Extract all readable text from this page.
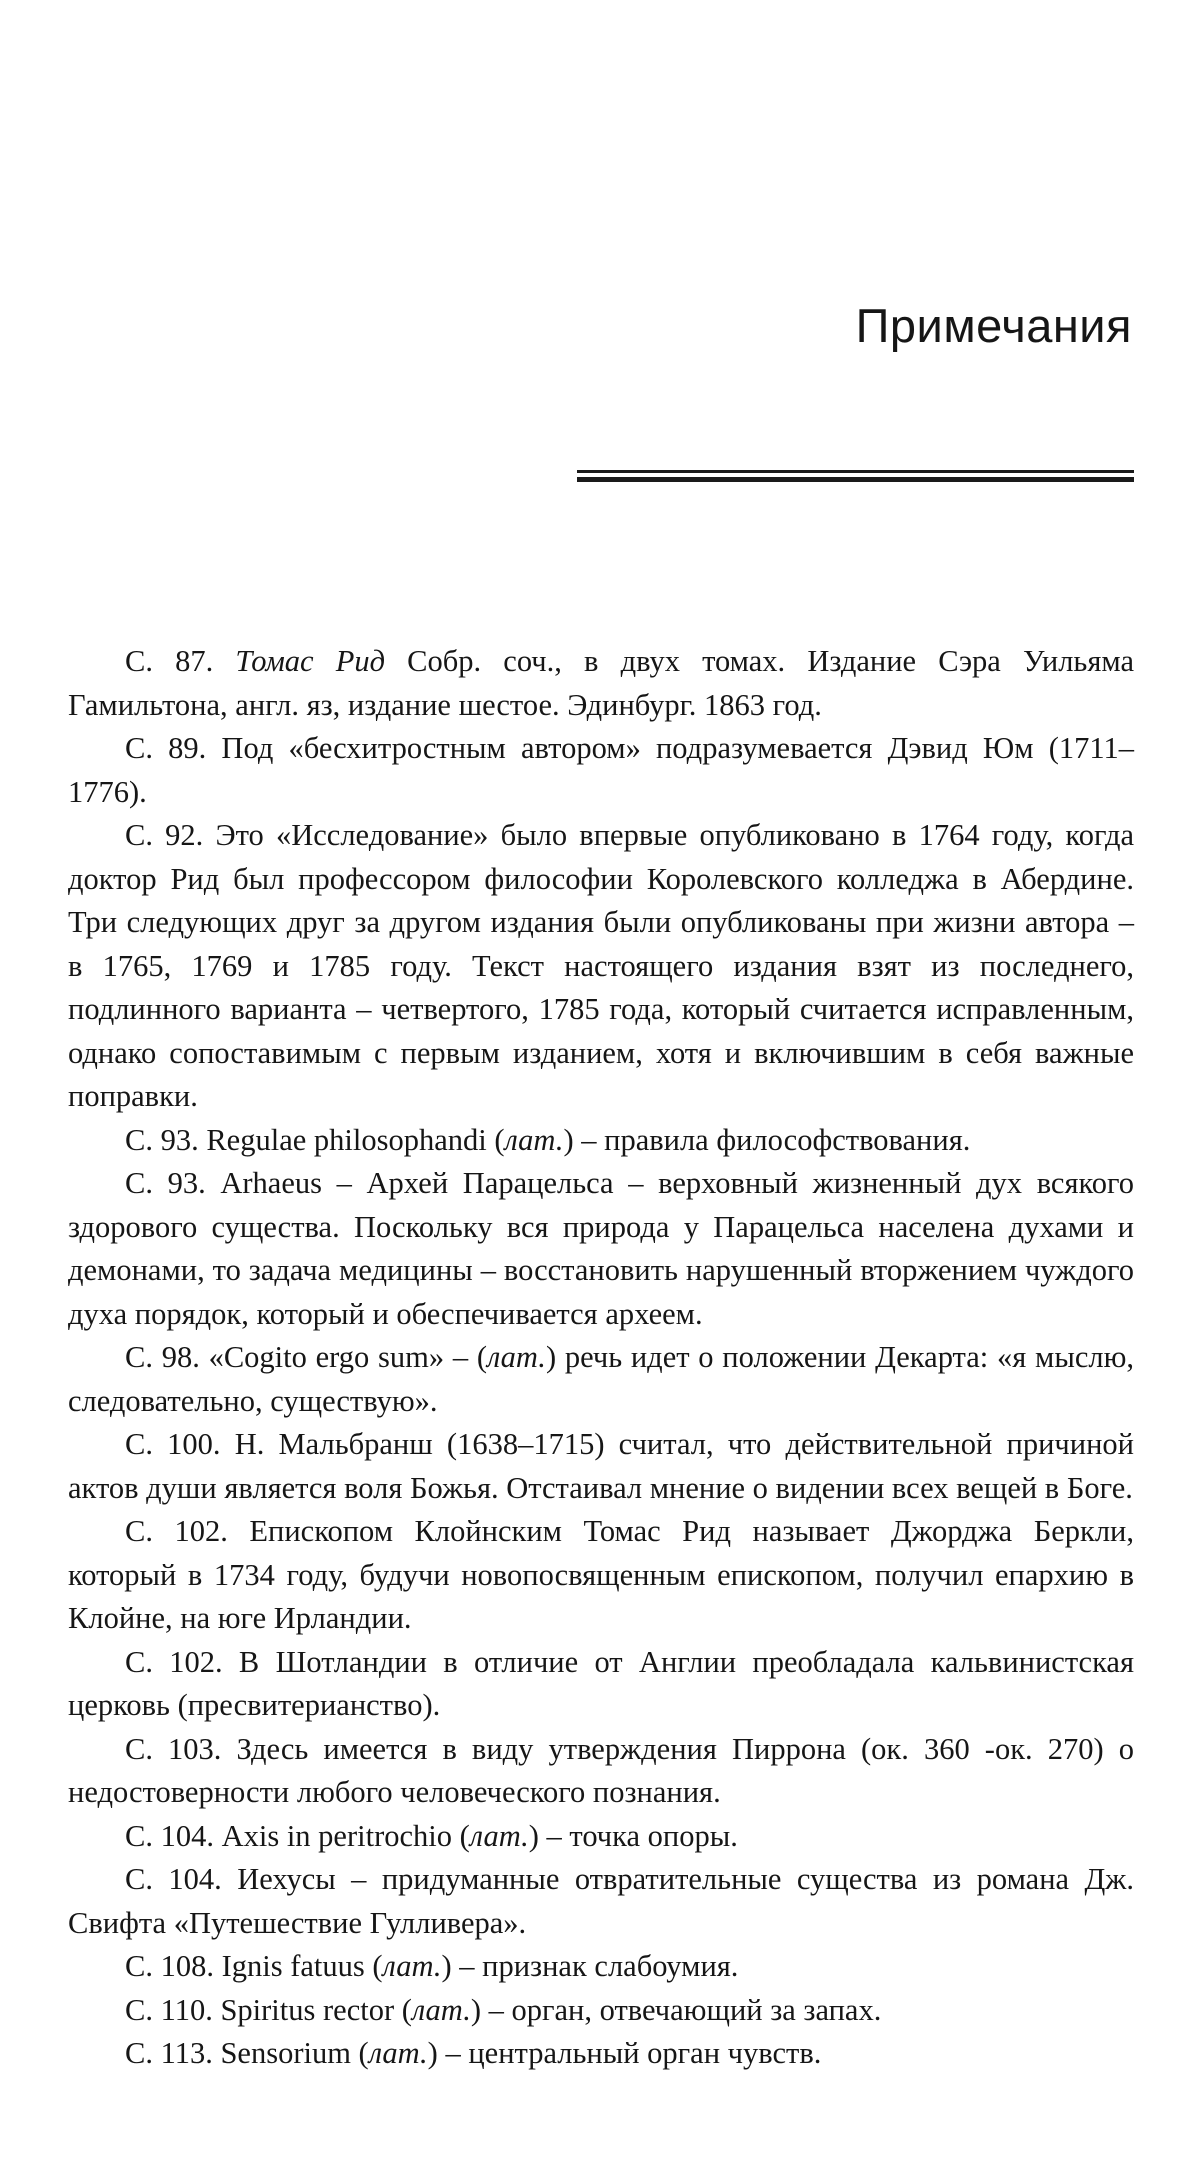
Примечания

С. 87. Томас Рид Собр. соч., в двух томах. Издание Сэра Уильяма Гамильтона, англ. яз, издание шестое. Эдинбург. 1863 год.

С. 89. Под «бесхитростным автором» подразумевается Дэвид Юм (1711–1776).

С. 92. Это «Исследование» было впервые опубликовано в 1764 году, когда доктор Рид был профессором философии Королевского колледжа в Абердине. Три следующих друг за другом издания были опубликованы при жизни автора – в 1765, 1769 и 1785 году. Текст настоящего издания взят из последнего, подлинного варианта – четвертого, 1785 года, который считается исправленным, однако сопоставимым с первым изданием, хотя и включившим в себя важные поправки.

С. 93. Regulae philosophandi (лат.) – правила философствования.

С. 93. Arhaeus – Архей Парацельса – верховный жизненный дух всякого здорового существа. Поскольку вся природа у Парацельса населена духами и демонами, то задача медицины – восстановить нарушенный вторжением чуждого духа порядок, который и обеспечивается археем.

С. 98. «Cogito ergo sum» – (лат.) речь идет о положении Декарта: «я мыслю, следовательно, существую».

С. 100. Н. Мальбранш (1638–1715) считал, что действительной причиной актов души является воля Божья. Отстаивал мнение о видении всех вещей в Боге.

С. 102. Епископом Клойнским Томас Рид называет Джорджа Беркли, который в 1734 году, будучи новопосвященным епископом, получил епархию в Клойне, на юге Ирландии.

С. 102. В Шотландии в отличие от Англии преобладала кальвинистская церковь (пресвитерианство).

С. 103. Здесь имеется в виду утверждения Пиррона (ок. 360 -ок. 270) о недостоверности любого человеческого познания.

С. 104. Axis in peritrochio (лат.) – точка опоры.

С. 104. Иехусы – придуманные отвратительные существа из романа Дж. Свифта «Путешествие Гулливера».

С. 108. Ignis fatuus (лат.) – признак слабоумия.

С. 110. Spiritus rector (лат.) – орган, отвечающий за запах.

С. 113. Sensorium (лат.) – центральный орган чувств.
